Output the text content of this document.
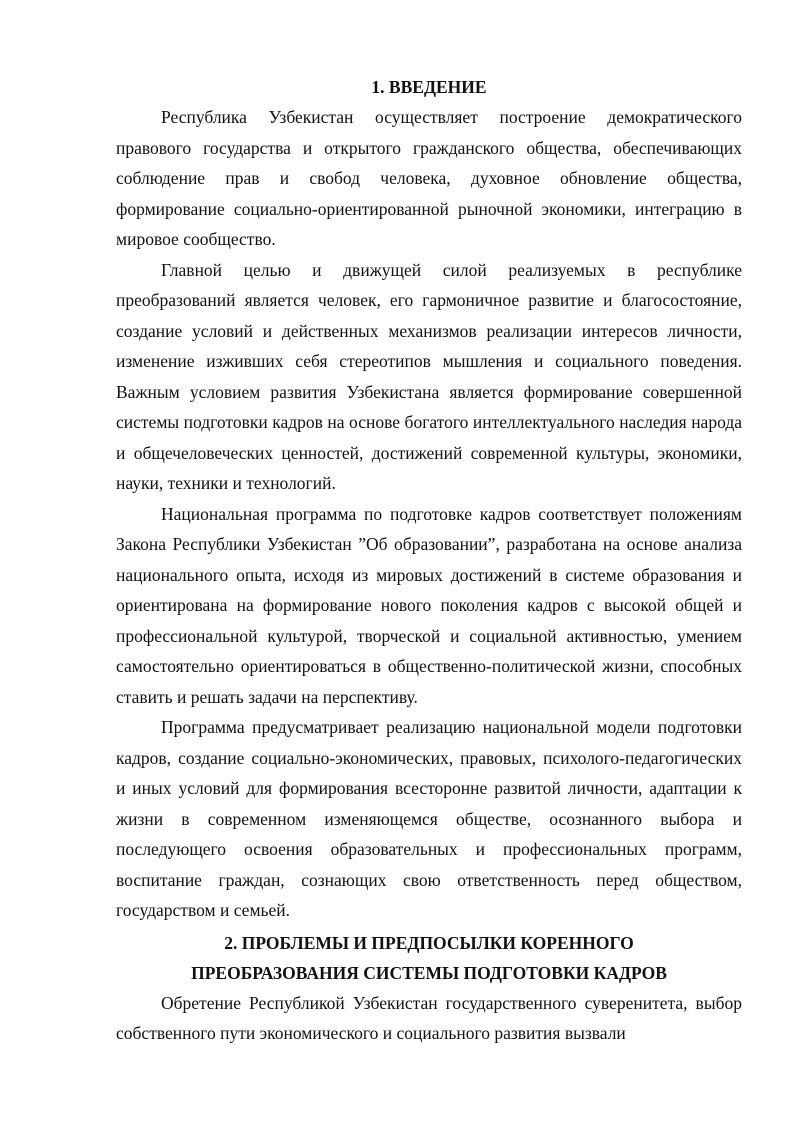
1. ВВЕДЕНИЕ

Республика Узбекистан осуществляет построение демократического правового государства и открытого гражданского общества, обеспечивающих соблюдение прав и свобод человека, духовное обновление общества, формирование социально-ориентированной рыночной экономики, интеграцию в мировое сообщество.

Главной целью и движущей силой реализуемых в республике преобразований является человек, его гармоничное развитие и благосостояние, создание условий и действенных механизмов реализации интересов личности, изменение изживших себя стереотипов мышления и социального поведения. Важным условием развития Узбекистана является формирование совершенной системы подготовки кадров на основе богатого интеллектуального наследия народа и общечеловеческих ценностей, достижений современной культуры, экономики, науки, техники и технологий.

Национальная программа по подготовке кадров соответствует положениям Закона Республики Узбекистан ”Об образовании”, разработана на основе анализа национального опыта, исходя из мировых достижений в системе образования и ориентирована на формирование нового поколения кадров с высокой общей и профессиональной культурой, творческой и социальной активностью, умением самостоятельно ориентироваться в общественно-политической жизни, способных ставить и решать задачи на перспективу.

Программа предусматривает реализацию национальной модели подготовки кадров, создание социально-экономических, правовых, психолого-педагогических и иных условий для формирования всесторонне развитой личности, адаптации к жизни в современном изменяющемся обществе, осознанного выбора и последующего освоения образовательных и профессиональных программ, воспитание граждан, сознающих свою ответственность перед обществом, государством и семьей.

2. ПРОБЛЕМЫ И ПРЕДПОСЫЛКИ КОРЕННОГО
ПРЕОБРАЗОВАНИЯ СИСТЕМЫ ПОДГОТОВКИ КАДРОВ

Обретение Республикой Узбекистан государственного суверенитета, выбор собственного пути экономического и социального развития вызвали
